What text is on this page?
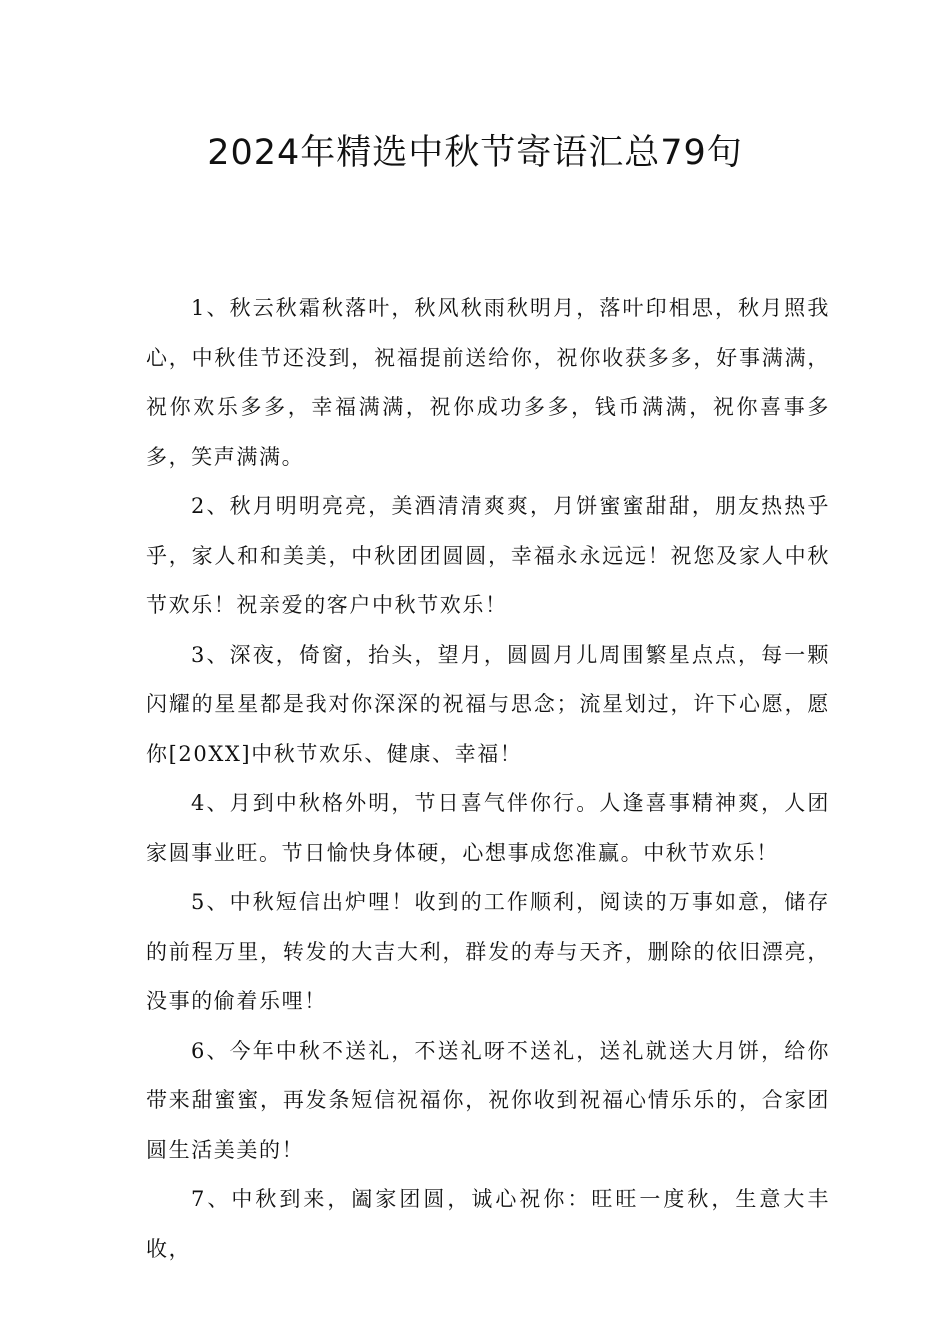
2024年精选中秋节寄语汇总79句

1、秋云秋霜秋落叶，秋风秋雨秋明月，落叶印相思，秋月照我心，中秋佳节还没到，祝福提前送给你，祝你收获多多，好事满满，祝你欢乐多多，幸福满满，祝你成功多多，钱币满满，祝你喜事多多，笑声满满。

2、秋月明明亮亮，美酒清清爽爽，月饼蜜蜜甜甜，朋友热热乎乎，家人和和美美，中秋团团圆圆，幸福永永远远！祝您及家人中秋节欢乐！祝亲爱的客户中秋节欢乐！

3、深夜，倚窗，抬头，望月，圆圆月儿周围繁星点点，每一颗闪耀的星星都是我对你深深的祝福与思念；流星划过，许下心愿，愿你[20XX]中秋节欢乐、健康、幸福！

4、月到中秋格外明，节日喜气伴你行。人逢喜事精神爽，人团家圆事业旺。节日愉快身体硬，心想事成您准赢。中秋节欢乐！

5、中秋短信出炉哩！收到的工作顺利，阅读的万事如意，储存的前程万里，转发的大吉大利，群发的寿与天齐，删除的依旧漂亮，没事的偷着乐哩！

6、今年中秋不送礼，不送礼呀不送礼，送礼就送大月饼，给你带来甜蜜蜜，再发条短信祝福你，祝你收到祝福心情乐乐的，合家团圆生活美美的！

7、中秋到来，阖家团圆，诚心祝你：旺旺一度秋，生意大丰收，
